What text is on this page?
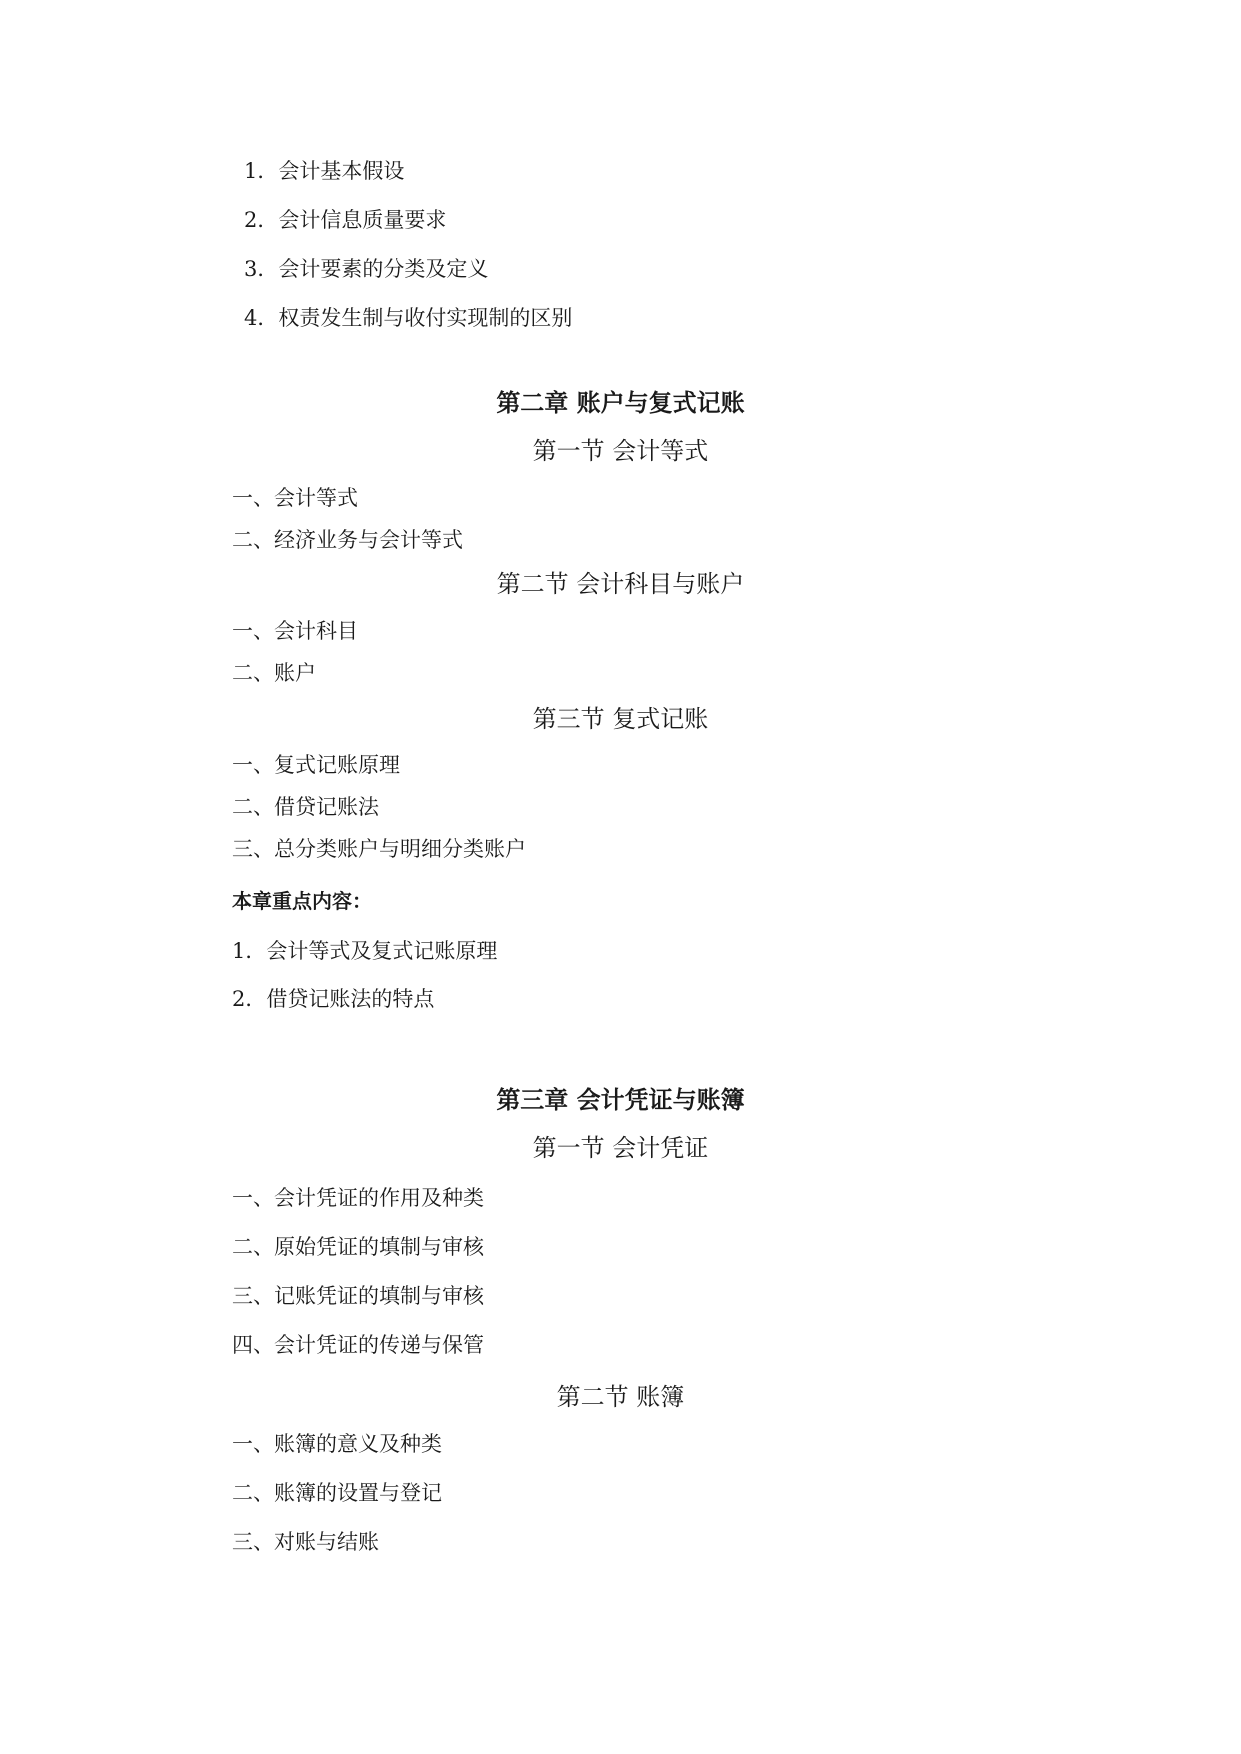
1．会计基本假设
2．会计信息质量要求
3．会计要素的分类及定义
4．权责发生制与收付实现制的区别
第二章 账户与复式记账
第一节 会计等式
一、会计等式
二、经济业务与会计等式
第二节 会计科目与账户
一、会计科目
二、账户
第三节 复式记账
一、复式记账原理
二、借贷记账法
三、总分类账户与明细分类账户
本章重点内容：
1．会计等式及复式记账原理
2．借贷记账法的特点
第三章 会计凭证与账簿
第一节 会计凭证
一、会计凭证的作用及种类
二、原始凭证的填制与审核
三、记账凭证的填制与审核
四、会计凭证的传递与保管
第二节 账簿
一、账簿的意义及种类
二、账簿的设置与登记
三、对账与结账
